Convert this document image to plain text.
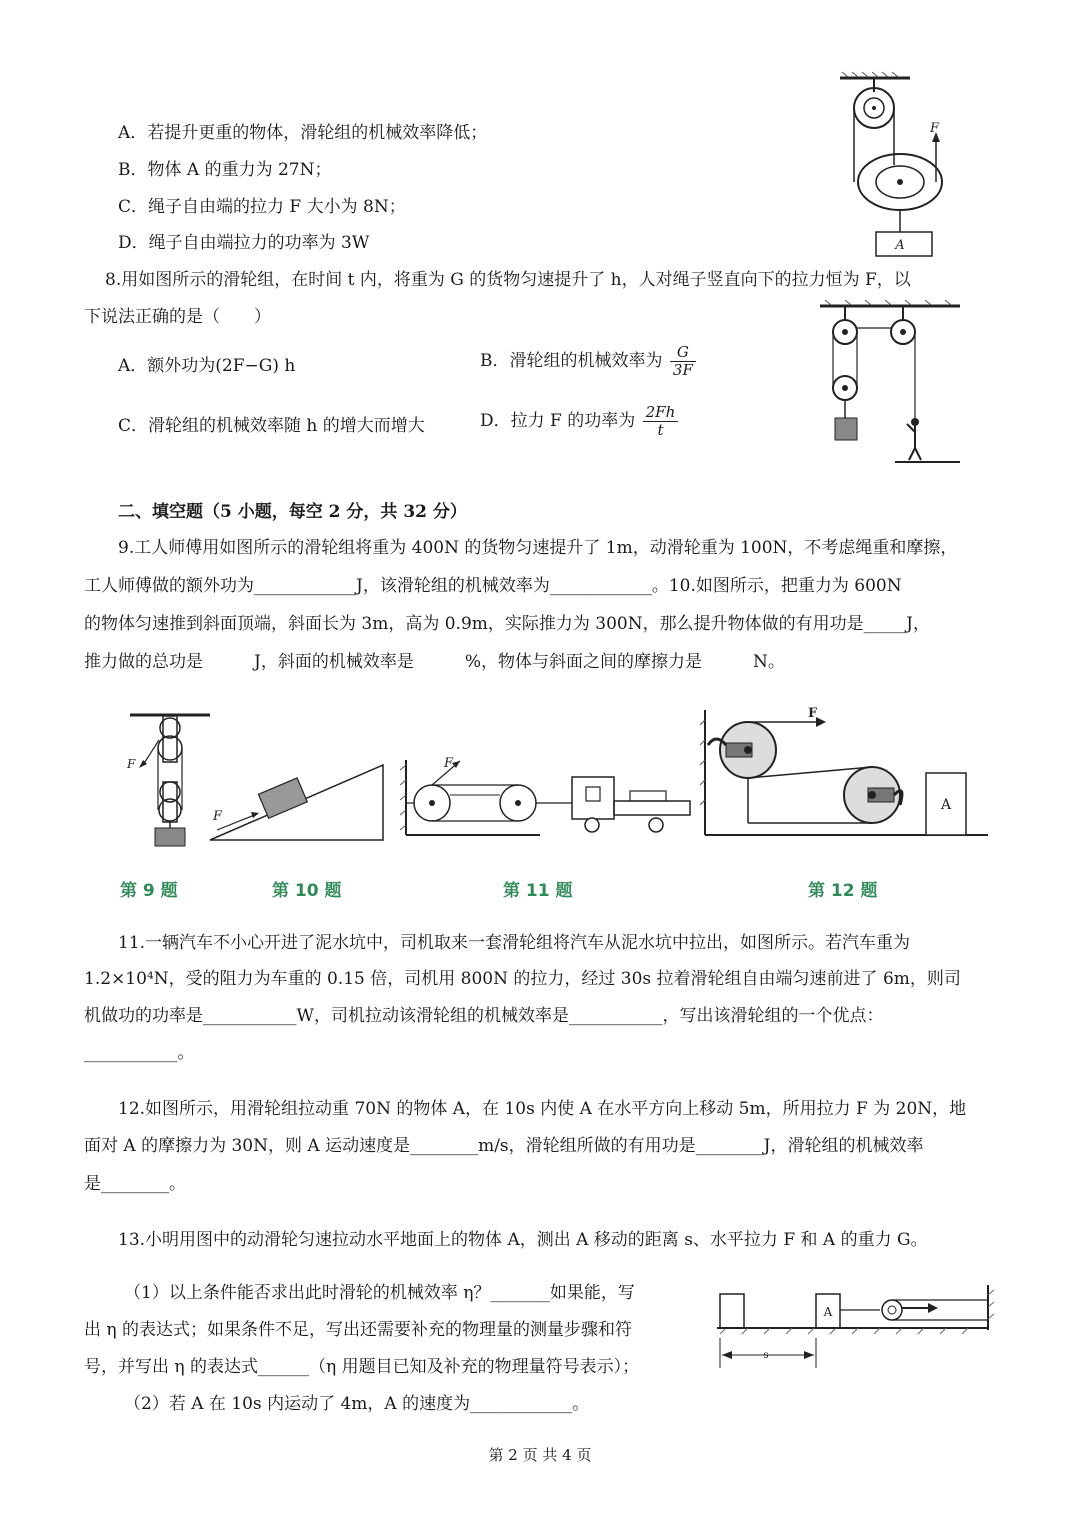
A．若提升更重的物体，滑轮组的机械效率降低；
B．物体 A 的重力为 27N；
C．绳子自由端的拉力 F 大小为 8N；
D．绳子自由端拉力的功率为 3W
F
A
8.用如图所示的滑轮组，在时间 t 内，将重为 G 的货物匀速提升了 h，人对绳子竖直向下的拉力恒为 F，以
下说法正确的是（　　）
A．额外功为(2F−G) h	B．滑轮组的机械效率为 $\frac{G}{3F}$
C．滑轮组的机械效率随 h 的增大而增大	D．拉力 F 的功率为 $\frac{2Fh}{t}$
二、填空题（5 小题，每空 2 分，共 32 分）
9.工人师傅用如图所示的滑轮组将重为 400N 的货物匀速提升了 1m，动滑轮重为 100N，不考虑绳重和摩擦，
工人师傅做的额外功为____________J，该滑轮组的机械效率为____________。10.如图所示，把重力为 600N
的物体匀速推到斜面顶端，斜面长为 3m，高为 0.9m，实际推力为 300N，那么提升物体做的有用功是_____J，
推力做的总功是　　　J，斜面的机械效率是　　　%，物体与斜面之间的摩擦力是　　　N。
F
F
F
F
A
第 9 题	第 10 题	第 11 题	第 12 题
11.一辆汽车不小心开进了泥水坑中，司机取来一套滑轮组将汽车从泥水坑中拉出，如图所示。若汽车重为
1.2×10⁴N，受的阻力为车重的 0.15 倍，司机用 800N 的拉力，经过 30s 拉着滑轮组自由端匀速前进了 6m，则司
机做功的功率是___________W，司机拉动该滑轮组的机械效率是___________，写出该滑轮组的一个优点：
___________。
12.如图所示，用滑轮组拉动重 70N 的物体 A，在 10s 内使 A 在水平方向上移动 5m，所用拉力 F 为 20N，地
面对 A 的摩擦力为 30N，则 A 运动速度是________m/s，滑轮组所做的有用功是________J，滑轮组的机械效率
是________。
13.小明用图中的动滑轮匀速拉动水平地面上的物体 A，测出 A 移动的距离 s、水平拉力 F 和 A 的重力 G。
（1）以上条件能否求出此时滑轮的机械效率 η？_______如果能，写
出 η 的表达式；如果条件不足，写出还需要补充的物理量的测量步骤和符
号，并写出 η 的表达式______（η 用题目已知及补充的物理量符号表示）；
（2）若 A 在 10s 内运动了 4m，A 的速度为____________。
A
s
第 2 页 共 4 页
